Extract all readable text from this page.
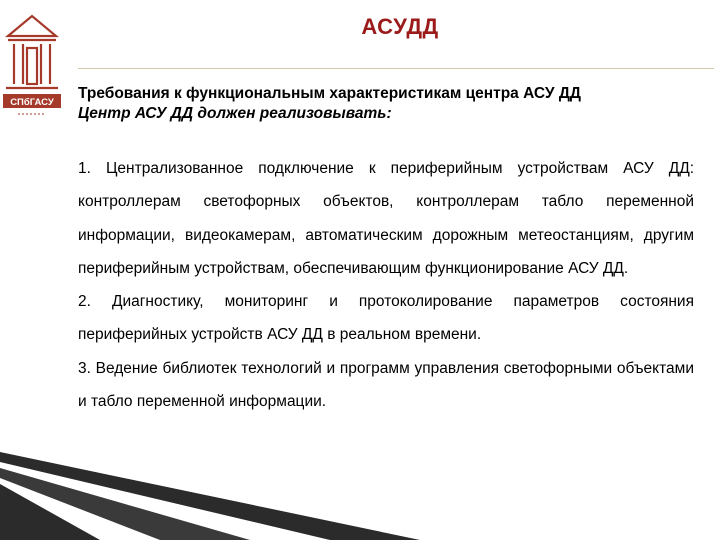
СПбГАСУ
АСУДД
Требования к функциональным характеристикам центра АСУ ДД
Центр АСУ ДД должен реализовывать:

1. Централизованное подключение к периферийным устройствам АСУ ДД: контроллерам светофорных объектов, контроллерам табло переменной информации, видеокамерам, автоматическим дорожным метеостанциям, другим периферийным устройствам, обеспечивающим функционирование АСУ ДД.

2. Диагностику, мониторинг и протоколирование параметров состояния периферийных устройств АСУ ДД в реальном времени.

3. Ведение библиотек технологий и программ управления светофорными объектами и табло переменной информации.
